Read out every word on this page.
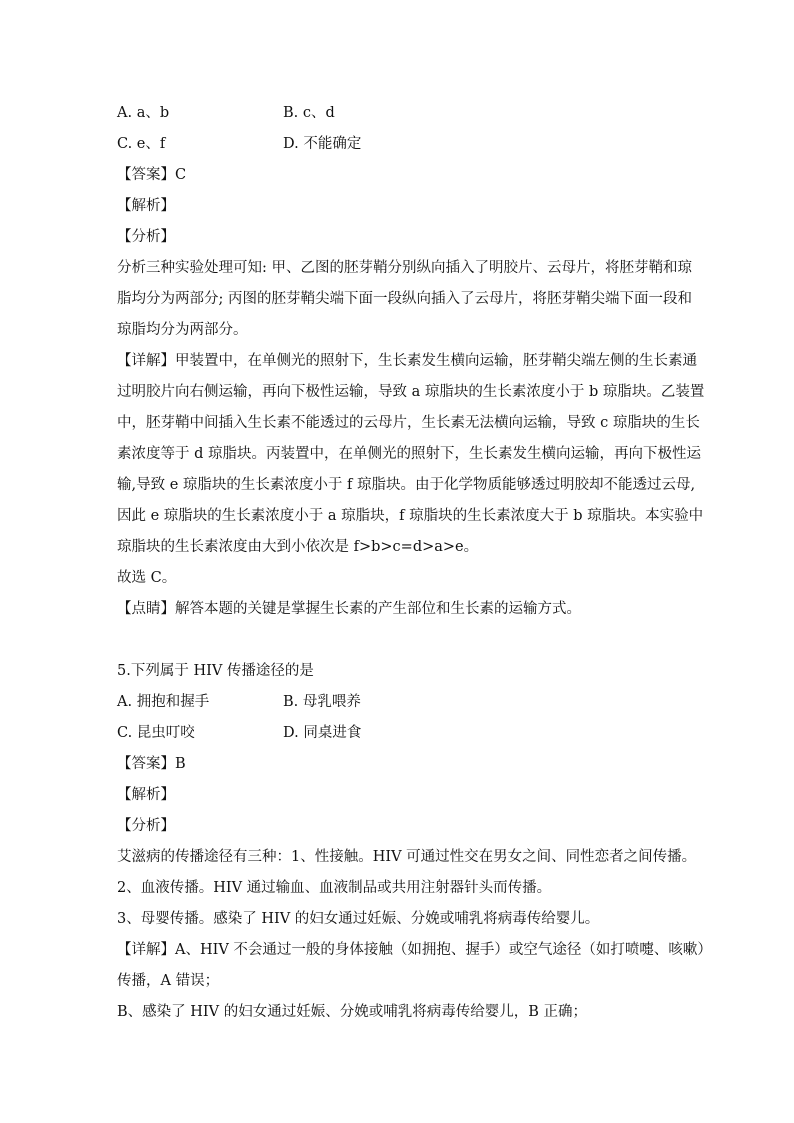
A. a、b	B. c、d
C. e、f	D. 不能确定
【答案】C
【解析】
【分析】
分析三种实验处理可知: 甲、乙图的胚芽鞘分别纵向插入了明胶片、云母片，将胚芽鞘和琼
脂均分为两部分; 丙图的胚芽鞘尖端下面一段纵向插入了云母片，将胚芽鞘尖端下面一段和
琼脂均分为两部分。
【详解】甲装置中，在单侧光的照射下，生长素发生横向运输，胚芽鞘尖端左侧的生长素通
过明胶片向右侧运输，再向下极性运输，导致 a 琼脂块的生长素浓度小于 b 琼脂块。乙装置
中，胚芽鞘中间插入生长素不能透过的云母片，生长素无法横向运输，导致 c 琼脂块的生长
素浓度等于 d 琼脂块。丙装置中，在单侧光的照射下，生长素发生横向运输，再向下极性运
输,导致 e 琼脂块的生长素浓度小于 f 琼脂块。由于化学物质能够透过明胶却不能透过云母,
因此 e 琼脂块的生长素浓度小于 a 琼脂块，f 琼脂块的生长素浓度大于 b 琼脂块。本实验中
琼脂块的生长素浓度由大到小依次是 f>b>c=d>a>e。
故选 C。
【点睛】解答本题的关键是掌握生长素的产生部位和生长素的运输方式。
5.下列属于 HIV 传播途径的是
A. 拥抱和握手	B. 母乳喂养
C. 昆虫叮咬	D. 同桌进食
【答案】B
【解析】
【分析】
艾滋病的传播途径有三种：1、性接触。HIV 可通过性交在男女之间、同性恋者之间传播。
2、血液传播。HIV 通过输血、血液制品或共用注射器针头而传播。
3、母婴传播。感染了 HIV 的妇女通过妊娠、分娩或哺乳将病毒传给婴儿。
【详解】A、HIV 不会通过一般的身体接触（如拥抱、握手）或空气途径（如打喷嚏、咳嗽）
传播，A 错误；
B、感染了 HIV 的妇女通过妊娠、分娩或哺乳将病毒传给婴儿，B 正确；
